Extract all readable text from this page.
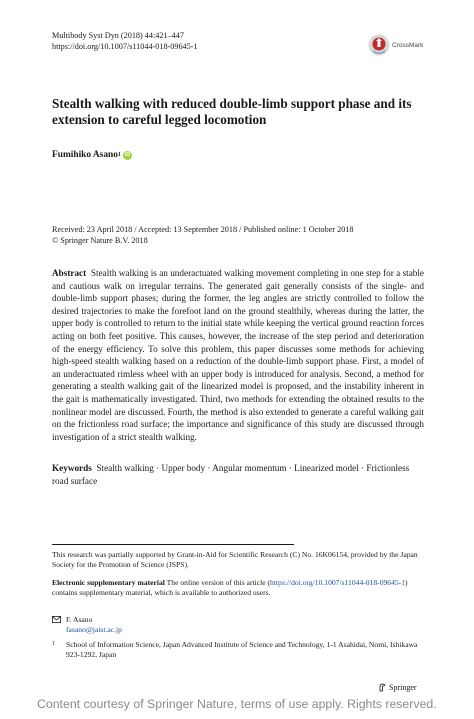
Multibody Syst Dyn (2018) 44:421–447
https://doi.org/10.1007/s11044-018-09645-1	CrossMark
Stealth walking with reduced double-limb support phase and its extension to careful legged locomotion
Fumihiko Asano 1 iD
Received: 23 April 2018 / Accepted: 13 September 2018 / Published online: 1 October 2018
© Springer Nature B.V. 2018
Abstract Stealth walking is an underactuated walking movement completing in one step for a stable and cautious walk on irregular terrains. The generated gait generally consists of the single- and double-limb support phases; during the former, the leg angles are strictly controlled to follow the desired trajectories to make the forefoot land on the ground stealthily, whereas during the latter, the upper body is controlled to return to the initial state while keeping the vertical ground reaction forces acting on both feet positive. This causes, however, the increase of the step period and deterioration of the energy efficiency. To solve this problem, this paper discusses some methods for achieving high-speed stealth walking based on a reduction of the double-limb support phase. First, a model of an underactuated rimless wheel with an upper body is introduced for analysis. Second, a method for generating a stealth walking gait of the linearized model is proposed, and the instability inherent in the gait is mathematically investigated. Third, two methods for extending the obtained results to the nonlinear model are discussed. Fourth, the method is also extended to generate a careful walking gait on the frictionless road surface; the importance and significance of this study are discussed through investigation of a strict stealth walking.
Keywords Stealth walking · Upper body · Angular momentum · Linearized model · Frictionless road surface
This research was partially supported by Grant-in-Aid for Scientific Research (C) No. 16K06154, provided by the Japan Society for the Promotion of Science (JSPS).
Electronic supplementary material The online version of this article (https://doi.org/10.1007/s11044-018-09645-1) contains supplementary material, which is available to authorized users.
F. Asano
fasano@jaist.ac.jp
1 School of Information Science, Japan Advanced Institute of Science and Technology, 1-1 Asahidai, Nomi, Ishikawa 923-1292, Japan
Springer
Content courtesy of Springer Nature, terms of use apply. Rights reserved.
